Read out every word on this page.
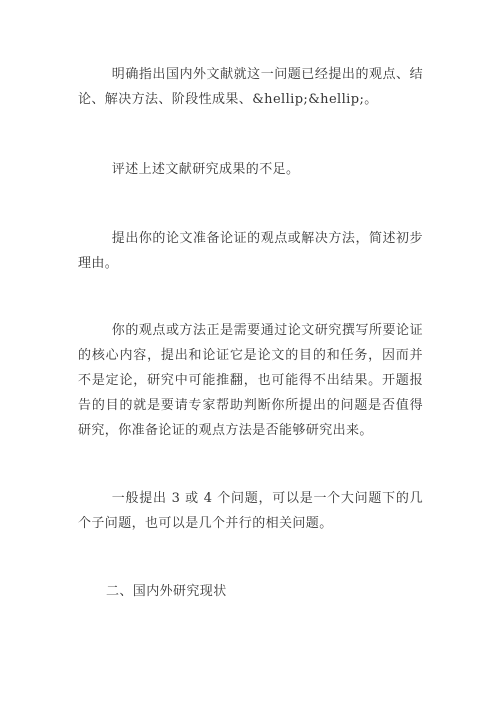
明确指出国内外文献就这一问题已经提出的观点、结论、解决方法、阶段性成果、&hellip;&hellip;。

评述上述文献研究成果的不足。

提出你的论文准备论证的观点或解决方法，简述初步理由。

你的观点或方法正是需要通过论文研究撰写所要论证的核心内容，提出和论证它是论文的目的和任务，因而并不是定论，研究中可能推翻，也可能得不出结果。开题报告的目的就是要请专家帮助判断你所提出的问题是否值得研究，你准备论证的观点方法是否能够研究出来。

一般提出 3 或 4 个问题，可以是一个大问题下的几个子问题，也可以是几个并行的相关问题。

二、国内外研究现状
